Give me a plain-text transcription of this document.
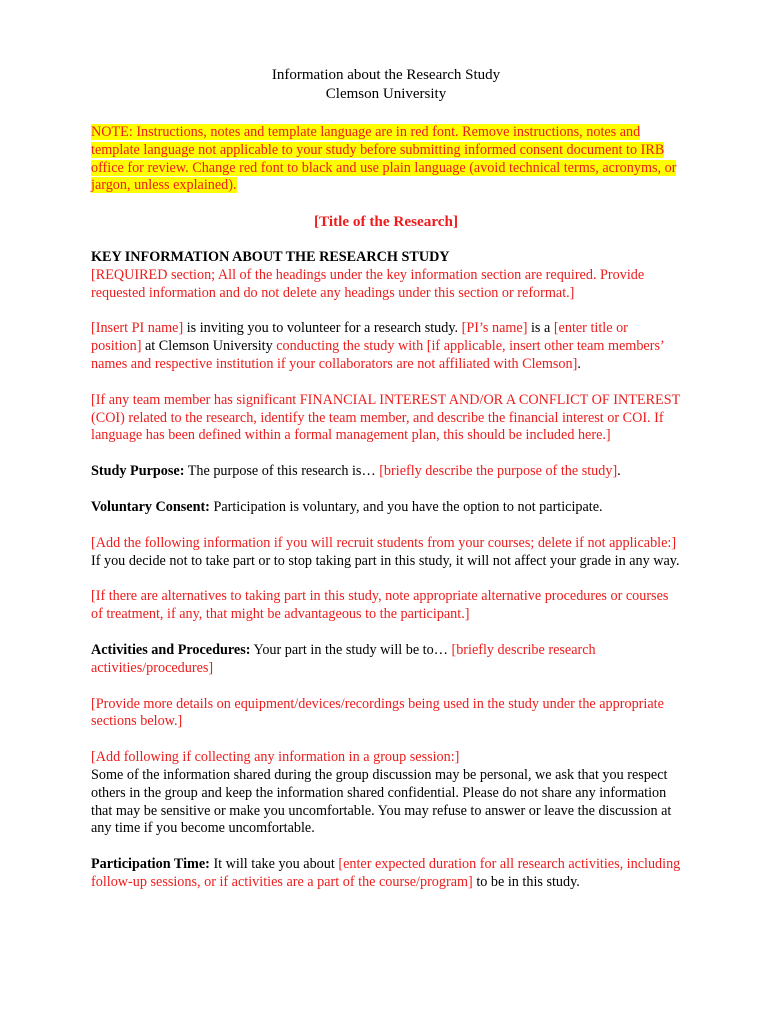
Information about the Research Study
Clemson University

NOTE: Instructions, notes and template language are in red font. Remove instructions, notes and template language not applicable to your study before submitting informed consent document to IRB office for review. Change red font to black and use plain language (avoid technical terms, acronyms, or jargon, unless explained).

[Title of the Research]

KEY INFORMATION ABOUT THE RESEARCH STUDY

[REQUIRED section; All of the headings under the key information section are required. Provide requested information and do not delete any headings under this section or reformat.]

[Insert PI name] is inviting you to volunteer for a research study. [PI’s name] is a [enter title or position] at Clemson University conducting the study with [if applicable, insert other team members’ names and respective institution if your collaborators are not affiliated with Clemson].

[If any team member has significant FINANCIAL INTEREST AND/OR A CONFLICT OF INTEREST (COI) related to the research, identify the team member, and describe the financial interest or COI. If language has been defined within a formal management plan, this should be included here.]

Study Purpose: The purpose of this research is… [briefly describe the purpose of the study].

Voluntary Consent: Participation is voluntary, and you have the option to not participate.

[Add the following information if you will recruit students from your courses; delete if not applicable:]

If you decide not to take part or to stop taking part in this study, it will not affect your grade in any way.

[If there are alternatives to taking part in this study, note appropriate alternative procedures or courses of treatment, if any, that might be advantageous to the participant.]

Activities and Procedures: Your part in the study will be to… [briefly describe research activities/procedures]

[Provide more details on equipment/devices/recordings being used in the study under the appropriate sections below.]

[Add following if collecting any information in a group session:]

Some of the information shared during the group discussion may be personal, we ask that you respect others in the group and keep the information shared confidential. Please do not share any information that may be sensitive or make you uncomfortable. You may refuse to answer or leave the discussion at any time if you become uncomfortable.

Participation Time: It will take you about [enter expected duration for all research activities, including follow-up sessions, or if activities are a part of the course/program] to be in this study.
